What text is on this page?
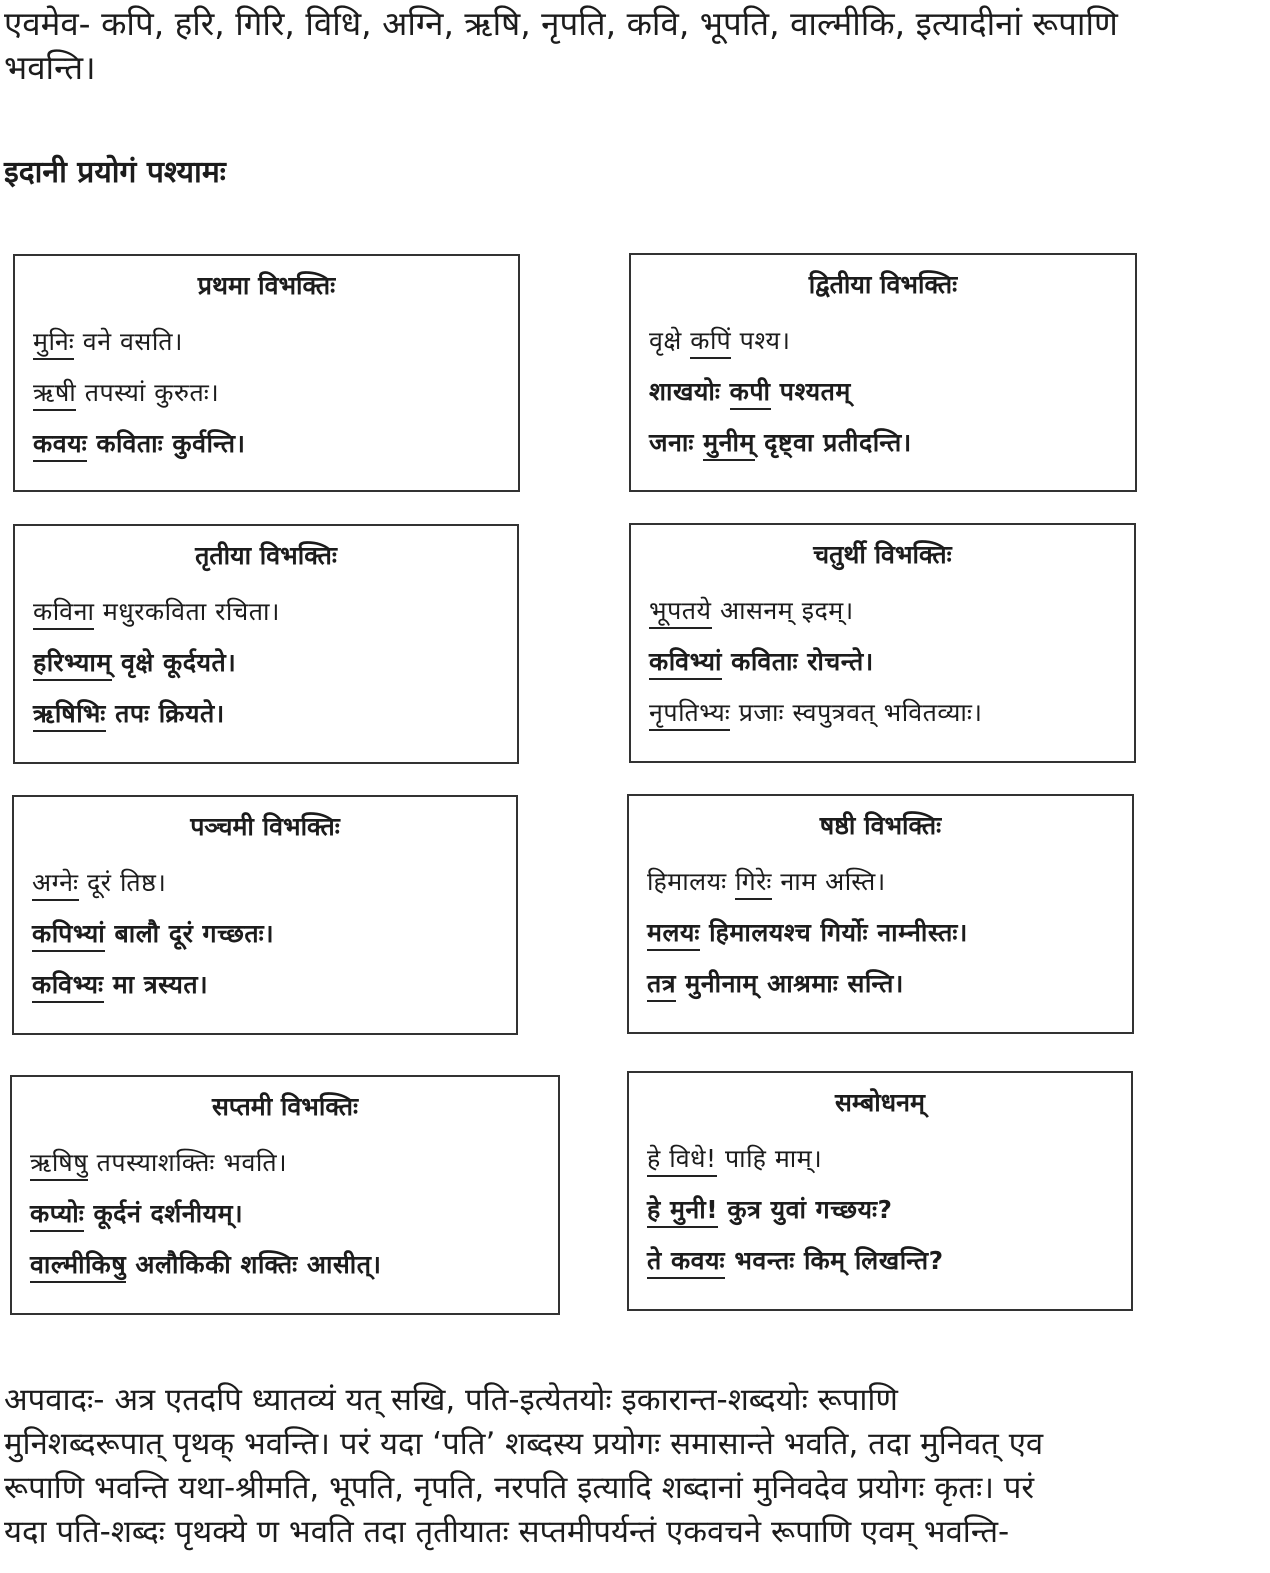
एवमेव- कपि, हरि, गिरि, विधि, अग्नि, ऋषि, नृपति, कवि, भूपति, वाल्मीकि, इत्यादीनां रूपाणि
भवन्ति।
इदानी प्रयोगं पश्यामः
प्रथमा विभक्तिः
मुनिः वने वसति।
ऋषी तपस्यां कुरुतः।
कवयः कविताः कुर्वन्ति।
द्वितीया विभक्तिः
वृक्षे कपिं पश्य।
शाखयोः कपी पश्यतम्
जनाः मुनीम् दृष्ट्वा प्रतीदन्ति।
तृतीया विभक्तिः
कविना मधुरकविता रचिता।
हरिभ्याम् वृक्षे कूर्दयते।
ऋषिभिः तपः क्रियते।
चतुर्थी विभक्तिः
भूपतये आसनम् इदम्।
कविभ्यां कविताः रोचन्ते।
नृपतिभ्यः प्रजाः स्वपुत्रवत् भवितव्याः।
पञ्चमी विभक्तिः
अग्नेः दूरं तिष्ठ।
कपिभ्यां बालौ दूरं गच्छतः।
कविभ्यः मा त्रस्यत।
षष्ठी विभक्तिः
हिमालयः गिरेः नाम अस्ति।
मलयः हिमालयश्च गिर्योः नाम्नीस्तः।
तत्र मुनीनाम् आश्रमाः सन्ति।
सप्तमी विभक्तिः
ऋषिषु तपस्याशक्तिः भवति।
कप्योः कूर्दनं दर्शनीयम्।
वाल्मीकिषु अलौकिकी शक्तिः आसीत्।
सम्बोधनम्
हे विधे! पाहि माम्।
हे मुनी! कुत्र युवां गच्छयः?
ते कवयः भवन्तः किम् लिखन्ति?
अपवादः- अत्र एतदपि ध्यातव्यं यत् सखि, पति-इत्येतयोः इकारान्त-शब्दयोः रूपाणि
मुनिशब्दरूपात् पृथक् भवन्ति। परं यदा ‘पति’ शब्दस्य प्रयोगः समासान्ते भवति, तदा मुनिवत् एव
रूपाणि भवन्ति यथा-श्रीमति, भूपति, नृपति, नरपति इत्यादि शब्दानां मुनिवदेव प्रयोगः कृतः। परं
यदा पति-शब्दः पृथक्ये ण भवति तदा तृतीयातः सप्तमीपर्यन्तं एकवचने रूपाणि एवम् भवन्ति-
